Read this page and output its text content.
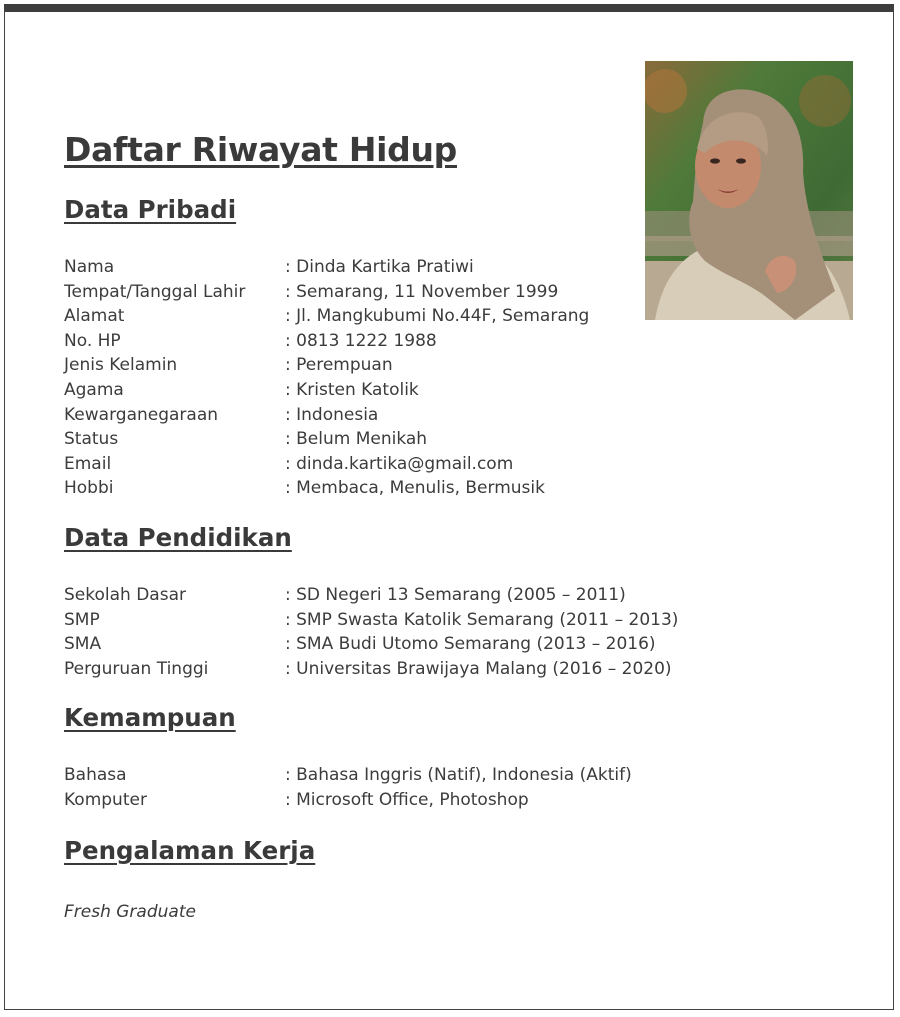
Daftar Riwayat Hidup
Data Pribadi
Nama	: Dinda Kartika Pratiwi
Tempat/Tanggal Lahir	: Semarang, 11 November 1999
Alamat	: Jl. Mangkubumi No.44F, Semarang
No. HP	: 0813 1222 1988
Jenis Kelamin	: Perempuan
Agama	: Kristen Katolik
Kewarganegaraan	: Indonesia
Status	: Belum Menikah
Email	: dinda.kartika@gmail.com
Hobbi	: Membaca, Menulis, Bermusik
Data Pendidikan
Sekolah Dasar	: SD Negeri 13 Semarang (2005 – 2011)
SMP	: SMP Swasta Katolik Semarang (2011 – 2013)
SMA	: SMA Budi Utomo Semarang (2013 – 2016)
Perguruan Tinggi	: Universitas Brawijaya Malang (2016 – 2020)
Kemampuan
Bahasa	: Bahasa Inggris (Natif), Indonesia (Aktif)
Komputer	: Microsoft Office, Photoshop
Pengalaman Kerja
Fresh Graduate
